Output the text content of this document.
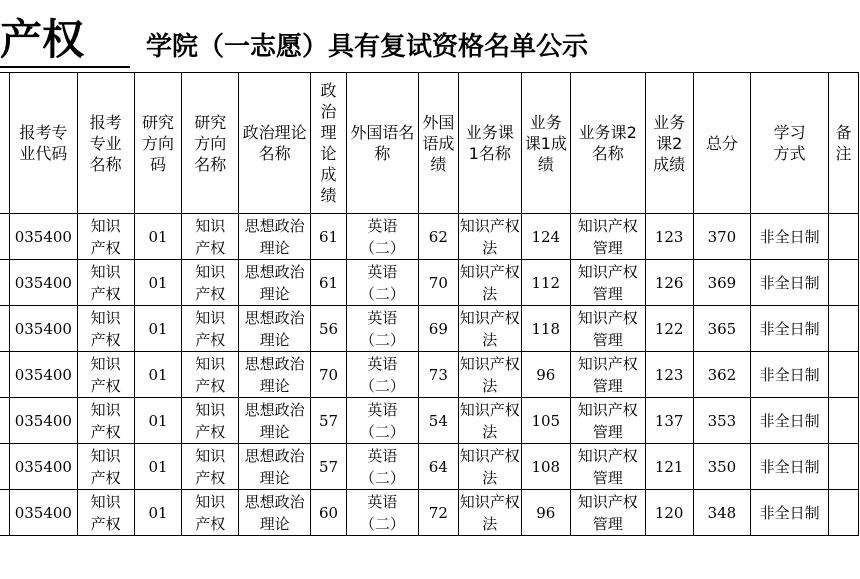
产权 学院（一志愿）具有复试资格名单公示

	报考专业代码	报考专业名称	研究方向码	研究方向名称	政治理论名称	政治理论成绩	外国语名称	外国语成绩	业务课1名称	业务课1成绩	业务课2名称	业务课2成绩	总分	学习方式	备注

	035400	知识产权	01	知识产权	思想政治理论	61	英语（二）	62	知识产权法	124	知识产权管理	123	370	非全日制	

	035400	知识产权	01	知识产权	思想政治理论	61	英语（二）	70	知识产权法	112	知识产权管理	126	369	非全日制	

	035400	知识产权	01	知识产权	思想政治理论	56	英语（二）	69	知识产权法	118	知识产权管理	122	365	非全日制	

	035400	知识产权	01	知识产权	思想政治理论	70	英语（二）	73	知识产权法	96	知识产权管理	123	362	非全日制	

	035400	知识产权	01	知识产权	思想政治理论	57	英语（二）	54	知识产权法	105	知识产权管理	137	353	非全日制	

	035400	知识产权	01	知识产权	思想政治理论	57	英语（二）	64	知识产权法	108	知识产权管理	121	350	非全日制	

	035400	知识产权	01	知识产权	思想政治理论	60	英语（二）	72	知识产权法	96	知识产权管理	120	348	非全日制	
